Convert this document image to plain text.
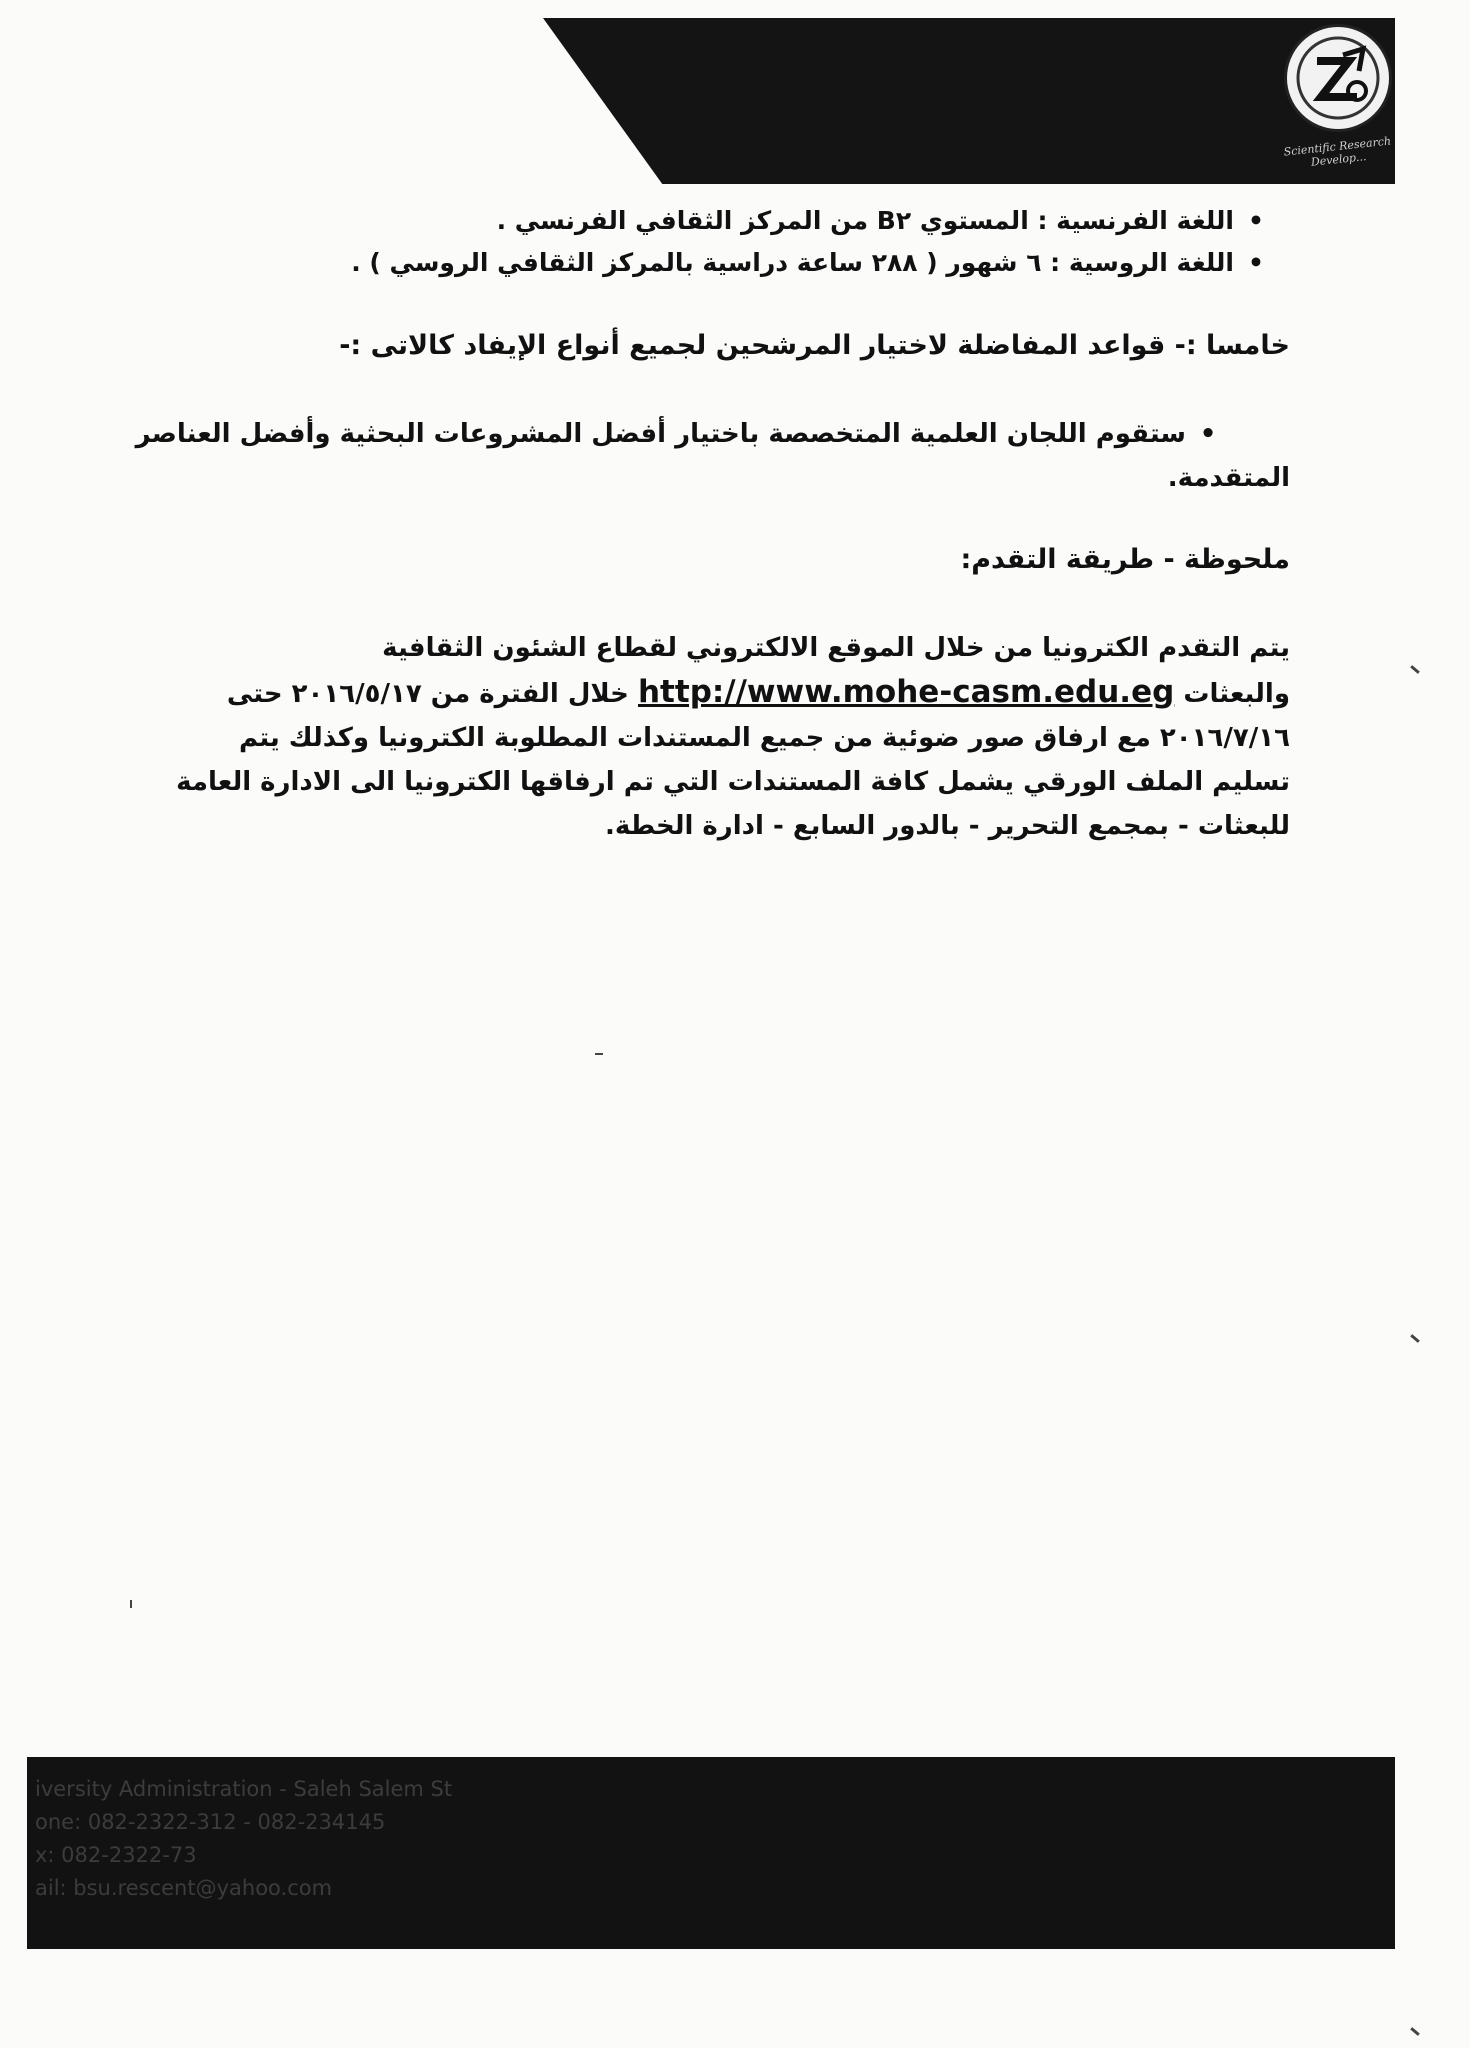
Scientific Research Develop...
•اللغة الفرنسية : المستوي B٢ من المركز الثقافي الفرنسي .
•اللغة الروسية : ٦ شهور ( ٢٨٨ ساعة دراسية بالمركز الثقافي الروسي ) .
خامسا :- قواعد المفاضلة لاختيار المرشحين لجميع أنواع الإيفاد كالاتى :-
•ستقوم اللجان العلمية المتخصصة باختيار أفضل المشروعات البحثية وأفضل العناصر
المتقدمة.
ملحوظة - طريقة التقدم:
يتم التقدم الكترونيا من خلال الموقع الالكتروني لقطاع الشئون الثقافية
والبعثات http://www.mohe-casm.edu.eg خلال الفترة من ٢٠١٦/٥/١٧ حتى
٢٠١٦/٧/١٦ مع ارفاق صور ضوئية من جميع المستندات المطلوبة الكترونيا وكذلك يتم
تسليم الملف الورقي يشمل كافة المستندات التي تم ارفاقها الكترونيا الى الادارة العامة
للبعثات - بمجمع التحرير - بالدور السابع - ادارة الخطة.
iversity Administration - Saleh Salem St
one: 082-2322-312 - 082-234145
x: 082-2322-73
ail: bsu.rescent@yahoo.com
